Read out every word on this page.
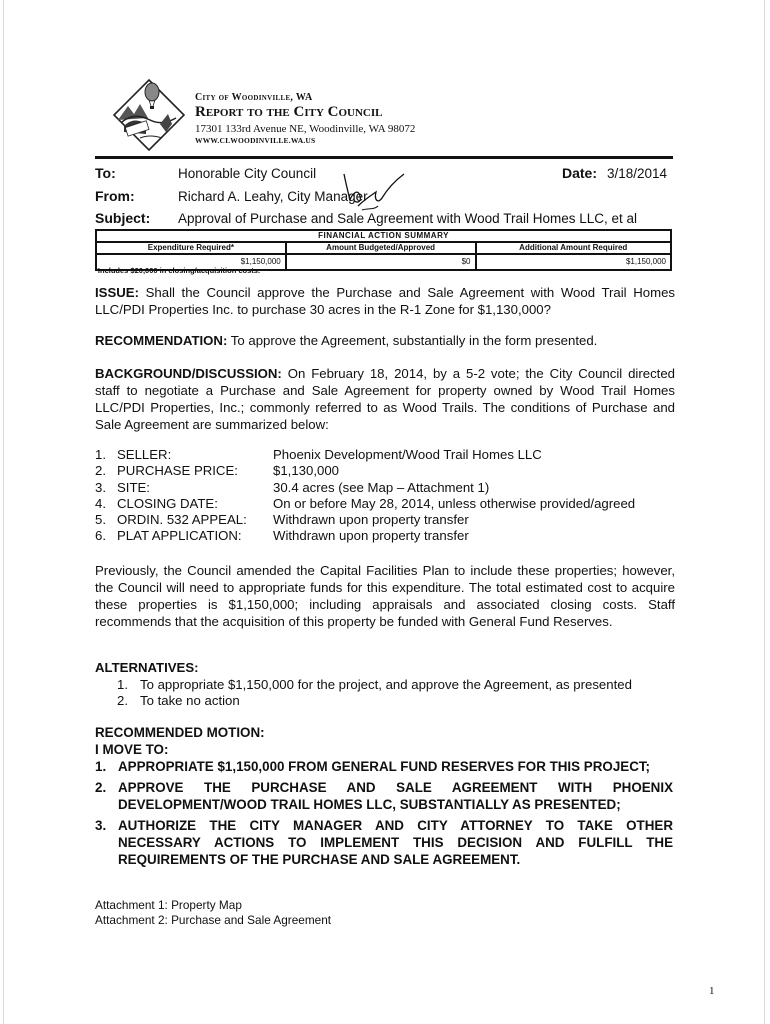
City of Woodinville, WA
Report to the City Council
17301 133rd Avenue NE, Woodinville, WA 98072
WWW.CI.WOODINVILLE.WA.US
To:	Honorable City Council	Date: 3/18/2014
From:	Richard A. Leahy, City Manager
Subject: Approval of Purchase and Sale Agreement with Wood Trail Homes LLC, et al
FINANCIAL ACTION SUMMARY		
Expenditure Required*	Amount Budgeted/Approved	Additional Amount Required
$1,150,000	$0	$1,150,000
*Includes $20,000 in closing/acquisition costs.
ISSUE: Shall the Council approve the Purchase and Sale Agreement with Wood Trail Homes LLC/PDI Properties Inc. to purchase 30 acres in the R-1 Zone for $1,130,000?
RECOMMENDATION: To approve the Agreement, substantially in the form presented.
BACKGROUND/DISCUSSION: On February 18, 2014, by a 5-2 vote; the City Council directed staff to negotiate a Purchase and Sale Agreement for property owned by Wood Trail Homes LLC/PDI Properties, Inc.; commonly referred to as Wood Trails. The conditions of Purchase and Sale Agreement are summarized below:
1. SELLER:	Phoenix Development/Wood Trail Homes LLC
2. PURCHASE PRICE:	$1,130,000
3. SITE:	30.4 acres (see Map – Attachment 1)
4. CLOSING DATE:	On or before May 28, 2014, unless otherwise provided/agreed
5. ORDIN. 532 APPEAL:	Withdrawn upon property transfer
6. PLAT APPLICATION:	Withdrawn upon property transfer
Previously, the Council amended the Capital Facilities Plan to include these properties; however, the Council will need to appropriate funds for this expenditure. The total estimated cost to acquire these properties is $1,150,000; including appraisals and associated closing costs. Staff recommends that the acquisition of this property be funded with General Fund Reserves.
ALTERNATIVES:
1. To appropriate $1,150,000 for the project, and approve the Agreement, as presented
2. To take no action
RECOMMENDED MOTION:
I MOVE TO:
1. APPROPRIATE $1,150,000 FROM GENERAL FUND RESERVES FOR THIS PROJECT;
2. APPROVE THE PURCHASE AND SALE AGREEMENT WITH PHOENIX DEVELOPMENT/WOOD TRAIL HOMES LLC, SUBSTANTIALLY AS PRESENTED;
3. AUTHORIZE THE CITY MANAGER AND CITY ATTORNEY TO TAKE OTHER NECESSARY ACTIONS TO IMPLEMENT THIS DECISION AND FULFILL THE REQUIREMENTS OF THE PURCHASE AND SALE AGREEMENT.
Attachment 1: Property Map
Attachment 2: Purchase and Sale Agreement
1
